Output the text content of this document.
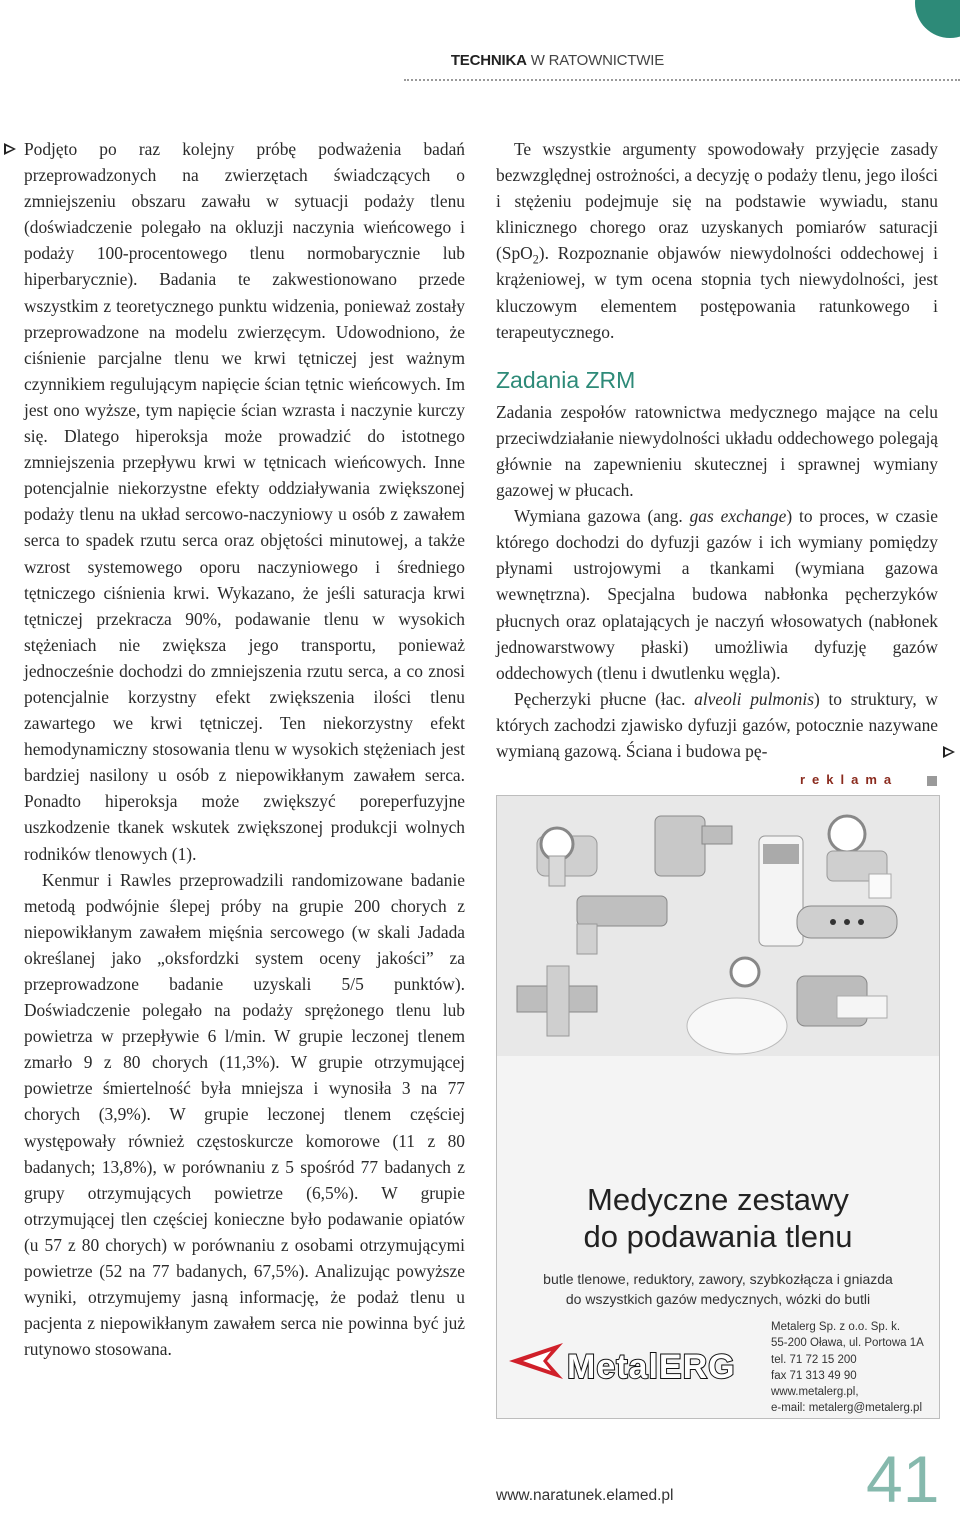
TECHNIKA W RATOWNICTWIE

Podjęto po raz kolejny próbę podważenia badań przeprowadzonych na zwierzętach świadczących o zmniejszeniu obszaru zawału w sytuacji podaży tlenu (doświadczenie polegało na okluzji naczynia wieńcowego i podaży 100-procentowego tlenu normobarycznie lub hiperbarycznie). Badania te zakwestionowano przede wszystkim z teoretycznego punktu widzenia, ponieważ zostały przeprowadzone na modelu zwierzęcym. Udowodniono, że ciśnienie parcjalne tlenu we krwi tętniczej jest ważnym czynnikiem regulującym napięcie ścian tętnic wieńcowych. Im jest ono wyższe, tym napięcie ścian wzrasta i naczynie kurczy się. Dlatego hiperoksja może prowadzić do istotnego zmniejszenia przepływu krwi w tętnicach wieńcowych. Inne potencjalnie niekorzystne efekty oddziaływania zwiększonej podaży tlenu na układ sercowo-naczyniowy u osób z zawałem serca to spadek rzutu serca oraz objętości minutowej, a także wzrost systemowego oporu naczyniowego i średniego tętniczego ciśnienia krwi. Wykazano, że jeśli saturacja krwi tętniczej przekracza 90%, podawanie tlenu w wysokich stężeniach nie zwiększa jego transportu, ponieważ jednocześnie dochodzi do zmniejszenia rzutu serca, a co znosi potencjalnie korzystny efekt zwiększenia ilości tlenu zawartego we krwi tętniczej. Ten niekorzystny efekt hemodynamiczny stosowania tlenu w wysokich stężeniach jest bardziej nasilony u osób z niepowikłanym zawałem serca. Ponadto hiperoksja może zwiększyć poreperfuzyjne uszkodzenie tkanek wskutek zwiększonej produkcji wolnych rodników tlenowych (1).

Kenmur i Rawles przeprowadzili randomizowane badanie metodą podwójnie ślepej próby na grupie 200 chorych z niepowikłanym zawałem mięśnia sercowego (w skali Jadada określanej jako „oksfordzki system oceny jakości” za przeprowadzone badanie uzyskali 5/5 punktów). Doświadczenie polegało na podaży sprężonego tlenu lub powietrza w przepływie 6 l/min. W grupie leczonej tlenem zmarło 9 z 80 chorych (11,3%). W grupie otrzymującej powietrze śmiertelność była mniejsza i wynosiła 3 na 77 chorych (3,9%). W grupie leczonej tlenem częściej występowały również częstoskurcze komorowe (11 z 80 badanych; 13,8%), w porównaniu z 5 spośród 77 badanych z grupy otrzymujących powietrze (6,5%). W grupie otrzymującej tlen częściej konieczne było podawanie opiatów (u 57 z 80 chorych) w porównaniu z osobami otrzymującymi powietrze (52 na 77 badanych, 67,5%). Analizując powyższe wyniki, otrzymujemy jasną informację, że podaż tlenu u pacjenta z niepowikłanym zawałem serca nie powinna być już rutynowo stosowana.

Te wszystkie argumenty spowodowały przyjęcie zasady bezwzględnej ostrożności, a decyzję o podaży tlenu, jego ilości i stężeniu podejmuje się na podstawie wywiadu, stanu klinicznego chorego oraz uzyskanych pomiarów saturacji (SpO$_2$). Rozpoznanie objawów niewydolności oddechowej i krążeniowej, w tym ocena stopnia tych niewydolności, jest kluczowym elementem postępowania ratunkowego i terapeutycznego.

Zadania ZRM

Zadania zespołów ratownictwa medycznego mające na celu przeciwdziałanie niewydolności układu oddechowego polegają głównie na zapewnieniu skutecznej i sprawnej wymiany gazowej w płucach.

Wymiana gazowa (ang. gas exchange) to proces, w czasie którego dochodzi do dyfuzji gazów i ich wymiany pomiędzy płynami ustrojowymi a tkankami (wymiana gazowa wewnętrzna). Specjalna budowa nabłonka pęcherzyków płucnych oraz oplatających je naczyń włosowatych (nabłonek jednowarstwowy płaski) umożliwia dyfuzję gazów oddechowych (tlenu i dwutlenku węgla).

Pęcherzyki płucne (łac. alveoli pulmonis) to struktury, w których zachodzi zjawisko dyfuzji gazów, potocznie nazywane wymianą gazową. Ściana i budowa pę-

reklama
Medyczne zestawy
do podawania tlenu
butle tlenowe, reduktory, zawory, szybkozłącza i gniazda
do wszystkich gazów medycznych, wózki do butli
MetalERG
Metalerg Sp. z o.o. Sp. k.
55-200 Oława, ul. Portowa 1A
tel. 71 72 15 200
fax 71 313 49 90
www.metalerg.pl,
e-mail: metalerg@metalerg.pl
www.naratunek.elamed.pl	41
